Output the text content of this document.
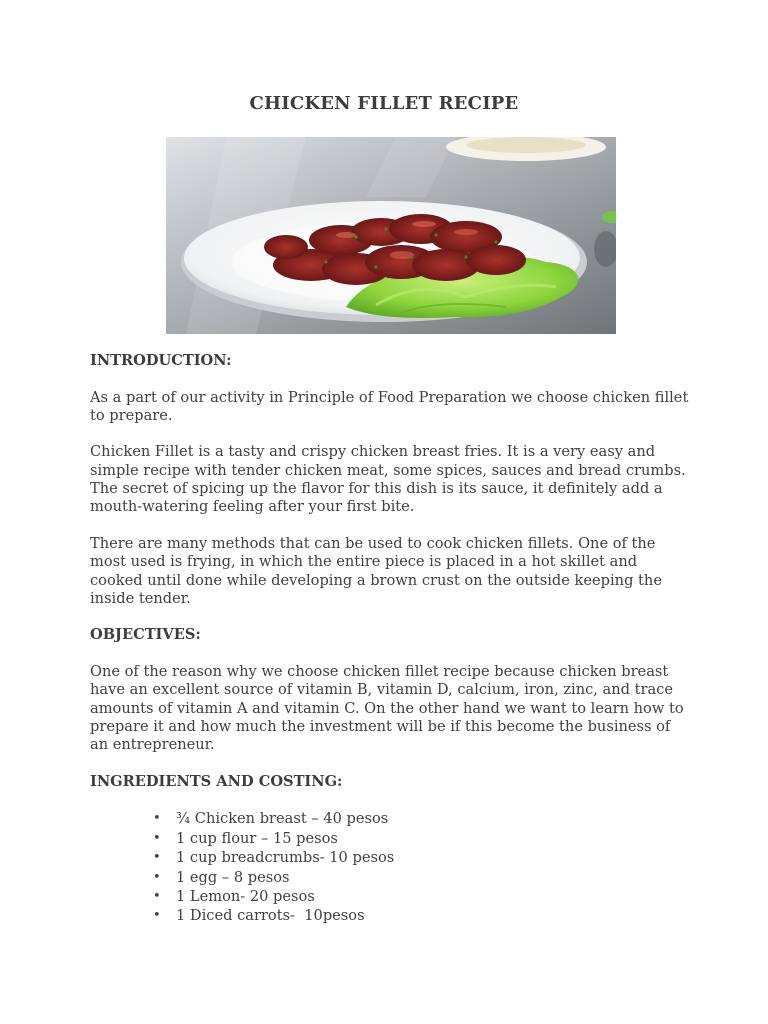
CHICKEN FILLET RECIPE

INTRODUCTION:

As a part of our activity in Principle of Food Preparation we choose chicken fillet to prepare.

Chicken Fillet is a tasty and crispy chicken breast fries. It is a very easy and simple recipe with tender chicken meat, some spices, sauces and bread crumbs. The secret of spicing up the flavor for this dish is its sauce, it definitely add a mouth-watering feeling after your first bite.

There are many methods that can be used to cook chicken fillets. One of the most used is frying, in which the entire piece is placed in a hot skillet and cooked until done while developing a brown crust on the outside keeping the inside tender.

OBJECTIVES:

One of the reason why we choose chicken fillet recipe because chicken breast have an excellent source of vitamin B, vitamin D, calcium, iron, zinc, and trace amounts of vitamin A and vitamin C. On the other hand we want to learn how to prepare it and how much the investment will be if this become the business of an entrepreneur.

INGREDIENTS AND COSTING:

• ¾ Chicken breast – 40 pesos
• 1 cup flour – 15 pesos
• 1 cup breadcrumbs- 10 pesos
• 1 egg – 8 pesos
• 1 Lemon- 20 pesos
• 1 Diced carrots-  10pesos
